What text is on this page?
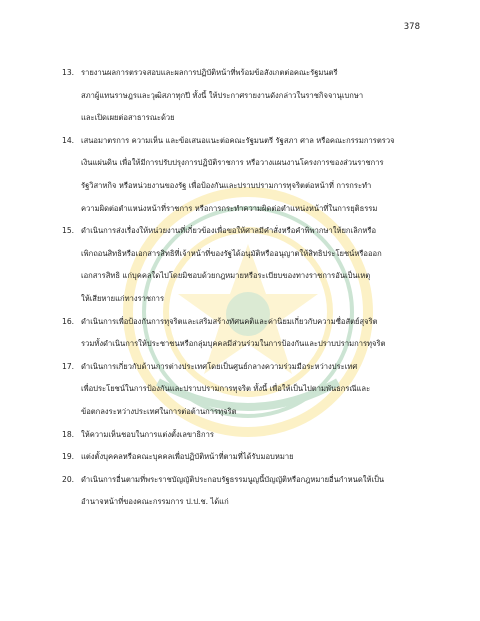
378
13. รายงานผลการตรวจสอบและผลการปฏิบัติหน้าที่พร้อมข้อสังเกตต่อคณะรัฐมนตรี
สภาผู้แทนราษฎรและวุฒิสภาทุกปี ทั้งนี้ ให้ประกาศรายงานดังกล่าวในราชกิจจานุเบกษา
และเปิดเผยต่อสาธารณะด้วย
14. เสนอมาตรการ ความเห็น และข้อเสนอแนะต่อคณะรัฐมนตรี รัฐสภา ศาล หรือคณะกรรมการตรวจ
เงินแผ่นดิน เพื่อให้มีการปรับปรุงการปฏิบัติราชการ หรือวางแผนงานโครงการของส่วนราชการ
รัฐวิสาหกิจ หรือหน่วยงานของรัฐ เพื่อป้องกันและปราบปรามการทุจริตต่อหน้าที่ การกระทำ
ความผิดต่อตำแหน่งหน้าที่ราชการ หรือการกระทำความผิดต่อตำแหน่งหน้าที่ในการยุติธรรม
15. ดำเนินการส่งเรื่องให้หน่วยงานที่เกี่ยวข้องเพื่อขอให้ศาลมีคำสั่งหรือคำพิพากษาให้ยกเลิกหรือ
เพิกถอนสิทธิหรือเอกสารสิทธิที่เจ้าหน้าที่ของรัฐได้อนุมัติหรืออนุญาตให้สิทธิประโยชน์หรือออก
เอกสารสิทธิ แก่บุคคลใดไปโดยมิชอบด้วยกฎหมายหรือระเบียบของทางราชการอันเป็นเหตุ
ให้เสียหายแก่ทางราชการ
16. ดำเนินการเพื่อป้องกันการทุจริตและเสริมสร้างทัศนคติและค่านิยมเกี่ยวกับความซื่อสัตย์สุจริต
รวมทั้งดำเนินการให้ประชาชนหรือกลุ่มบุคคลมีส่วนร่วมในการป้องกันและปราบปรามการทุจริต
17. ดำเนินการเกี่ยวกับด้านการต่างประเทศโดยเป็นศูนย์กลางความร่วมมือระหว่างประเทศ
เพื่อประโยชน์ในการป้องกันและปราบปรามการทุจริต ทั้งนี้ เพื่อให้เป็นไปตามพันธกรณีและ
ข้อตกลงระหว่างประเทศในการต่อต้านการทุจริต
18. ให้ความเห็นชอบในการแต่งตั้งเลขาธิการ
19. แต่งตั้งบุคคลหรือคณะบุคคลเพื่อปฏิบัติหน้าที่ตามที่ได้รับมอบหมาย
20. ดำเนินการอื่นตามที่พระราชบัญญัติประกอบรัฐธรรมนูญนี้บัญญัติหรือกฎหมายอื่นกำหนดให้เป็น
อำนาจหน้าที่ของคณะกรรมการ ป.ป.ช. ได้แก่
